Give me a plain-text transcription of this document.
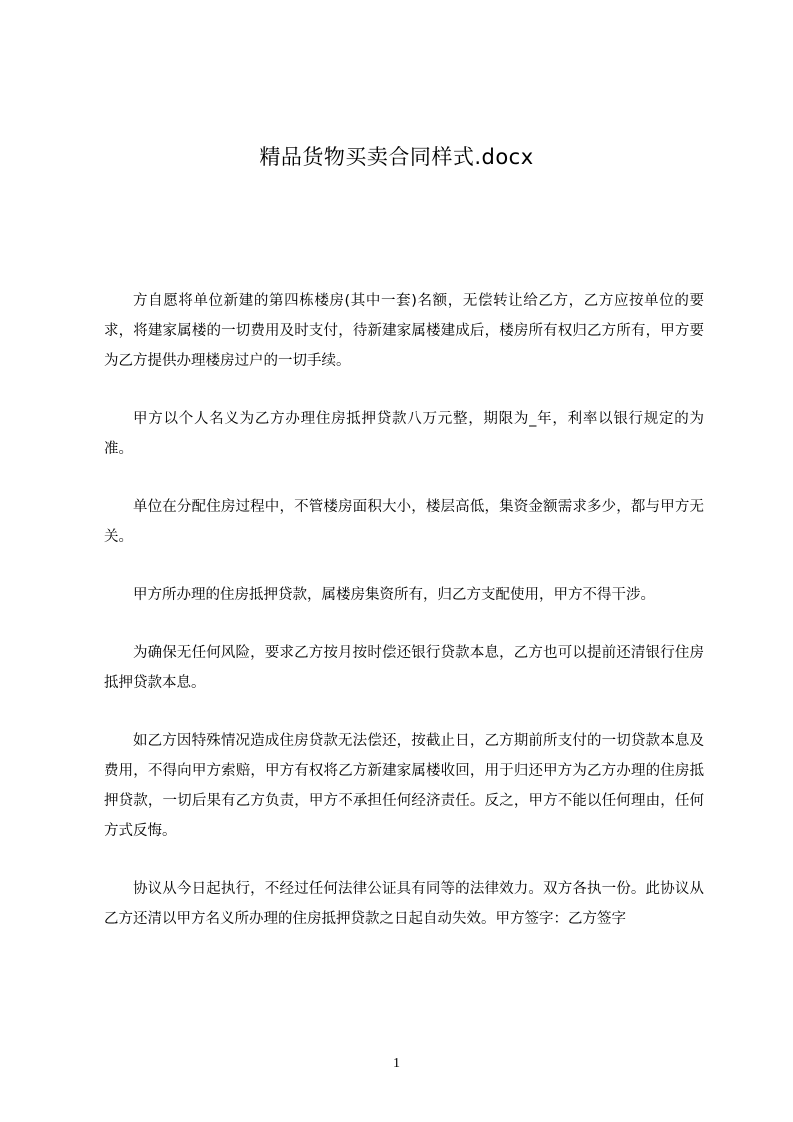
精品货物买卖合同样式.docx

方自愿将单位新建的第四栋楼房(其中一套)名额，无偿转让给乙方，乙方应按单位的要求，将建家属楼的一切费用及时支付，待新建家属楼建成后，楼房所有权归乙方所有，甲方要为乙方提供办理楼房过户的一切手续。

甲方以个人名义为乙方办理住房抵押贷款八万元整，期限为_年，利率以银行规定的为准。

单位在分配住房过程中，不管楼房面积大小，楼层高低，集资金额需求多少，都与甲方无关。

甲方所办理的住房抵押贷款，属楼房集资所有，归乙方支配使用，甲方不得干涉。

为确保无任何风险，要求乙方按月按时偿还银行贷款本息，乙方也可以提前还清银行住房抵押贷款本息。

如乙方因特殊情况造成住房贷款无法偿还，按截止日，乙方期前所支付的一切贷款本息及费用，不得向甲方索赔，甲方有权将乙方新建家属楼收回，用于归还甲方为乙方办理的住房抵押贷款，一切后果有乙方负责，甲方不承担任何经济责任。反之，甲方不能以任何理由，任何方式反悔。

协议从今日起执行，不经过任何法律公证具有同等的法律效力。双方各执一份。此协议从乙方还清以甲方名义所办理的住房抵押贷款之日起自动失效。甲方签字：乙方签字

1
